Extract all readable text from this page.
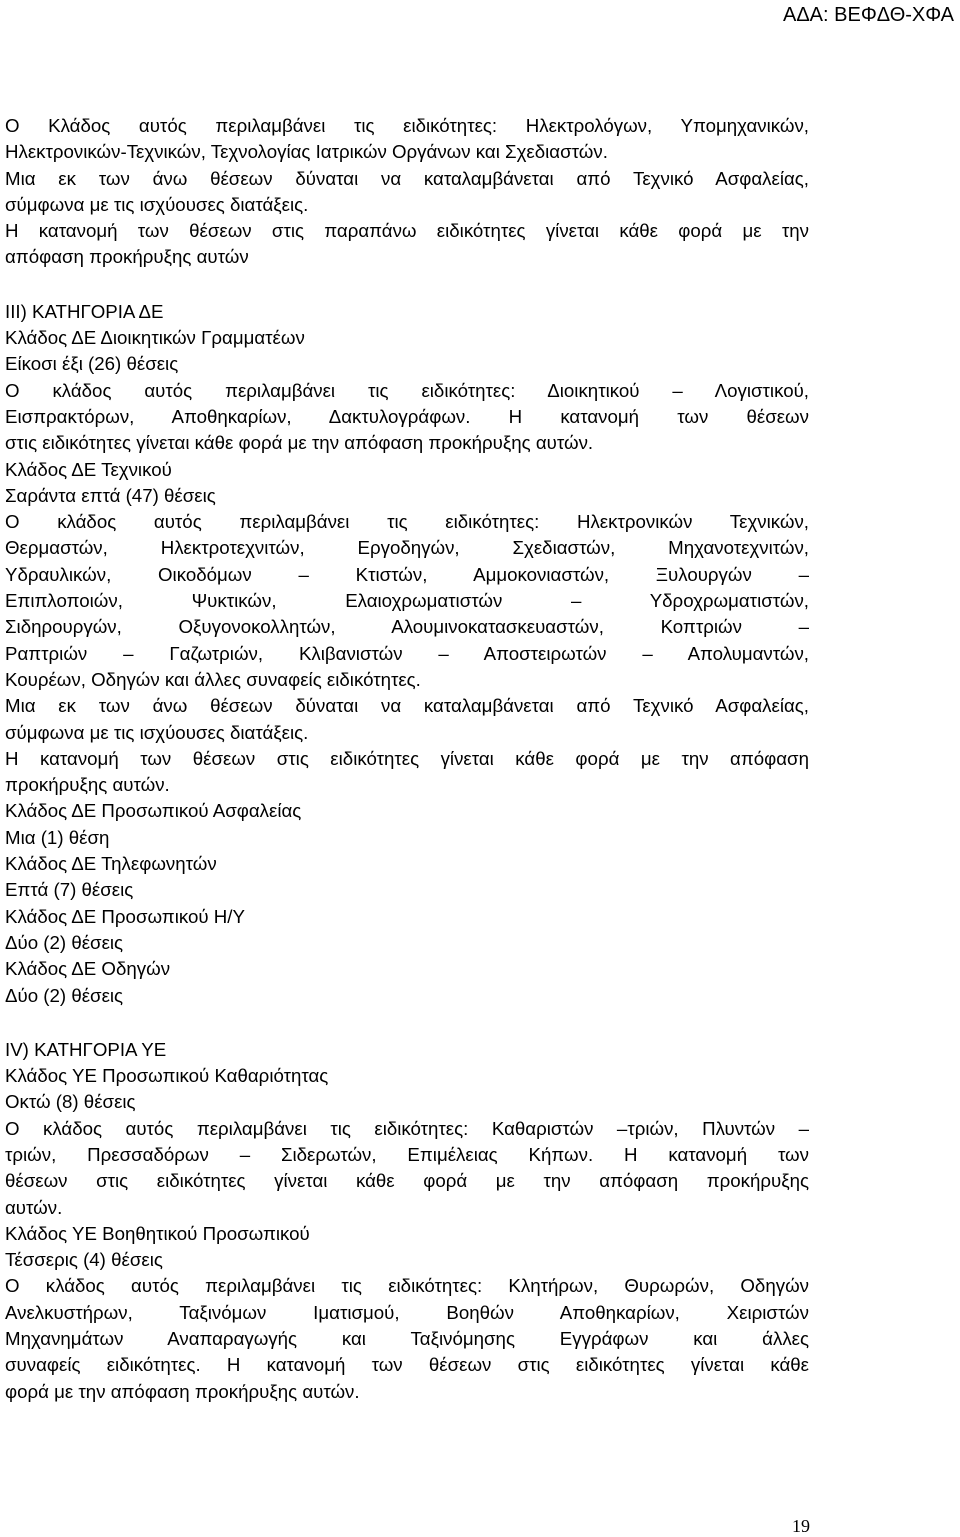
ΑΔΑ: ΒΕΦΔΘ-ΧΦΑ
Ο Κλάδος αυτός περιλαμβάνει τις ειδικότητες: Ηλεκτρολόγων, Υπομηχανικών,
Ηλεκτρονικών-Τεχνικών, Τεχνολογίας Ιατρικών Οργάνων και Σχεδιαστών.
Μια εκ των άνω θέσεων δύναται να καταλαμβάνεται από Τεχνικό Ασφαλείας,
σύμφωνα με τις ισχύουσες διατάξεις.
Η κατανομή των θέσεων στις παραπάνω ειδικότητες γίνεται κάθε φορά με την
απόφαση προκήρυξης αυτών
III) ΚΑΤΗΓΟΡΙΑ ΔΕ
Κλάδος ΔΕ Διοικητικών Γραμματέων
Είκοσι έξι (26) θέσεις
Ο κλάδος αυτός περιλαμβάνει τις ειδικότητες: Διοικητικού – Λογιστικού,
Εισπρακτόρων, Αποθηκαρίων, Δακτυλογράφων. Η κατανομή των θέσεων
στις ειδικότητες γίνεται κάθε φορά με την απόφαση προκήρυξης αυτών.
Κλάδος ΔΕ Τεχνικού
Σαράντα επτά (47) θέσεις
Ο κλάδος αυτός περιλαμβάνει τις ειδικότητες: Ηλεκτρονικών Τεχνικών,
Θερμαστών, Ηλεκτροτεχνιτών, Εργοδηγών, Σχεδιαστών, Μηχανοτεχνιτών,
Υδραυλικών, Οικοδόμων – Κτιστών, Αμμοκονιαστών, Ξυλουργών –
Επιπλοποιών, Ψυκτικών, Ελαιοχρωματιστών – Υδροχρωματιστών,
Σιδηρουργών, Οξυγονοκολλητών, Αλουμινοκατασκευαστών, Κοπτριών –
Ραπτριών – Γαζωτριών, Κλιβανιστών – Αποστειρωτών – Απολυμαντών,
Κουρέων, Οδηγών και άλλες συναφείς ειδικότητες.
Μια εκ των άνω θέσεων δύναται να καταλαμβάνεται από Τεχνικό Ασφαλείας,
σύμφωνα με τις ισχύουσες διατάξεις.
Η κατανομή των θέσεων στις ειδικότητες γίνεται κάθε φορά με την απόφαση
προκήρυξης αυτών.
Κλάδος ΔΕ Προσωπικού Ασφαλείας
Μια (1) θέση
Κλάδος ΔΕ Τηλεφωνητών
Επτά (7) θέσεις
Κλάδος ΔΕ Προσωπικού Η/Υ
Δύο (2) θέσεις
Κλάδος ΔΕ Οδηγών
Δύο (2) θέσεις
IV) ΚΑΤΗΓΟΡΙΑ ΥΕ
Κλάδος ΥΕ Προσωπικού Καθαριότητας
Οκτώ (8) θέσεις
Ο κλάδος αυτός περιλαμβάνει τις ειδικότητες: Καθαριστών –τριών, Πλυντών –
τριών, Πρεσσαδόρων – Σιδερωτών, Επιμέλειας Κήπων. Η κατανομή των
θέσεων στις ειδικότητες γίνεται κάθε φορά με την απόφαση προκήρυξης
αυτών.
Κλάδος ΥΕ Βοηθητικού Προσωπικού
Τέσσερις (4) θέσεις
Ο κλάδος αυτός περιλαμβάνει τις ειδικότητες: Κλητήρων, Θυρωρών, Οδηγών
Ανελκυστήρων, Ταξινόμων Ιματισμού, Βοηθών Αποθηκαρίων, Χειριστών
Μηχανημάτων Αναπαραγωγής και Ταξινόμησης Εγγράφων και άλλες
συναφείς ειδικότητες. Η κατανομή των θέσεων στις ειδικότητες γίνεται κάθε
φορά με την απόφαση προκήρυξης αυτών.
19
